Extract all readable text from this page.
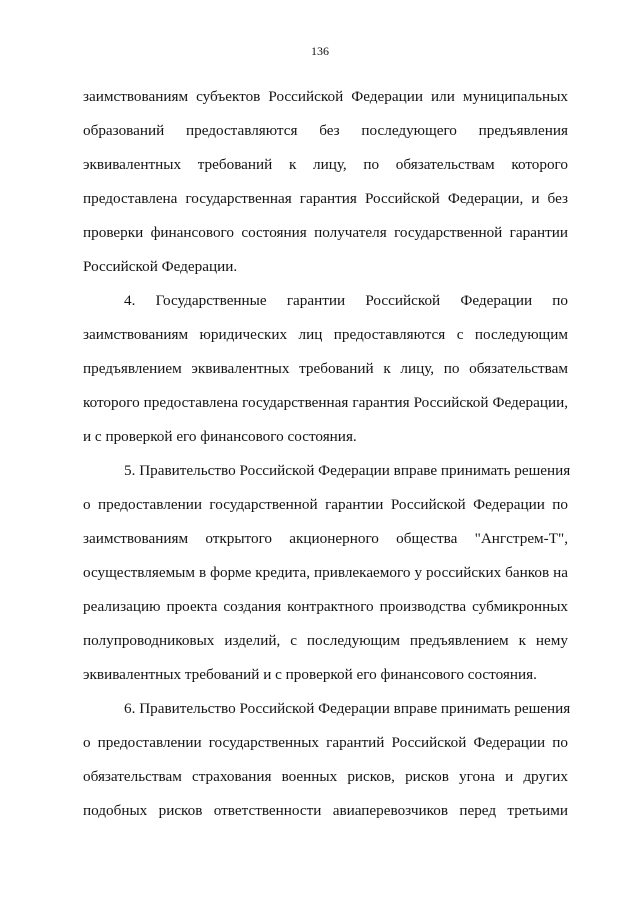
136
заимствованиям субъектов Российской Федерации или муниципальных
образований предоставляются без последующего предъявления
эквивалентных требований к лицу, по обязательствам которого
предоставлена государственная гарантия Российской Федерации, и без
проверки финансового состояния получателя государственной гарантии
Российской Федерации.
4. Государственные гарантии Российской Федерации по
заимствованиям юридических лиц предоставляются с последующим
предъявлением эквивалентных требований к лицу, по обязательствам
которого предоставлена государственная гарантия Российской Федерации,
и с проверкой его финансового состояния.
5. Правительство Российской Федерации вправе принимать решения
о предоставлении государственной гарантии Российской Федерации по
заимствованиям открытого акционерного общества "Ангстрем-Т",
осуществляемым в форме кредита, привлекаемого у российских банков на
реализацию проекта создания контрактного производства субмикронных
полупроводниковых изделий, с последующим предъявлением к нему
эквивалентных требований и с проверкой его финансового состояния.
6. Правительство Российской Федерации вправе принимать решения
о предоставлении государственных гарантий Российской Федерации по
обязательствам страхования военных рисков, рисков угона и других
подобных рисков ответственности авиаперевозчиков перед третьими
